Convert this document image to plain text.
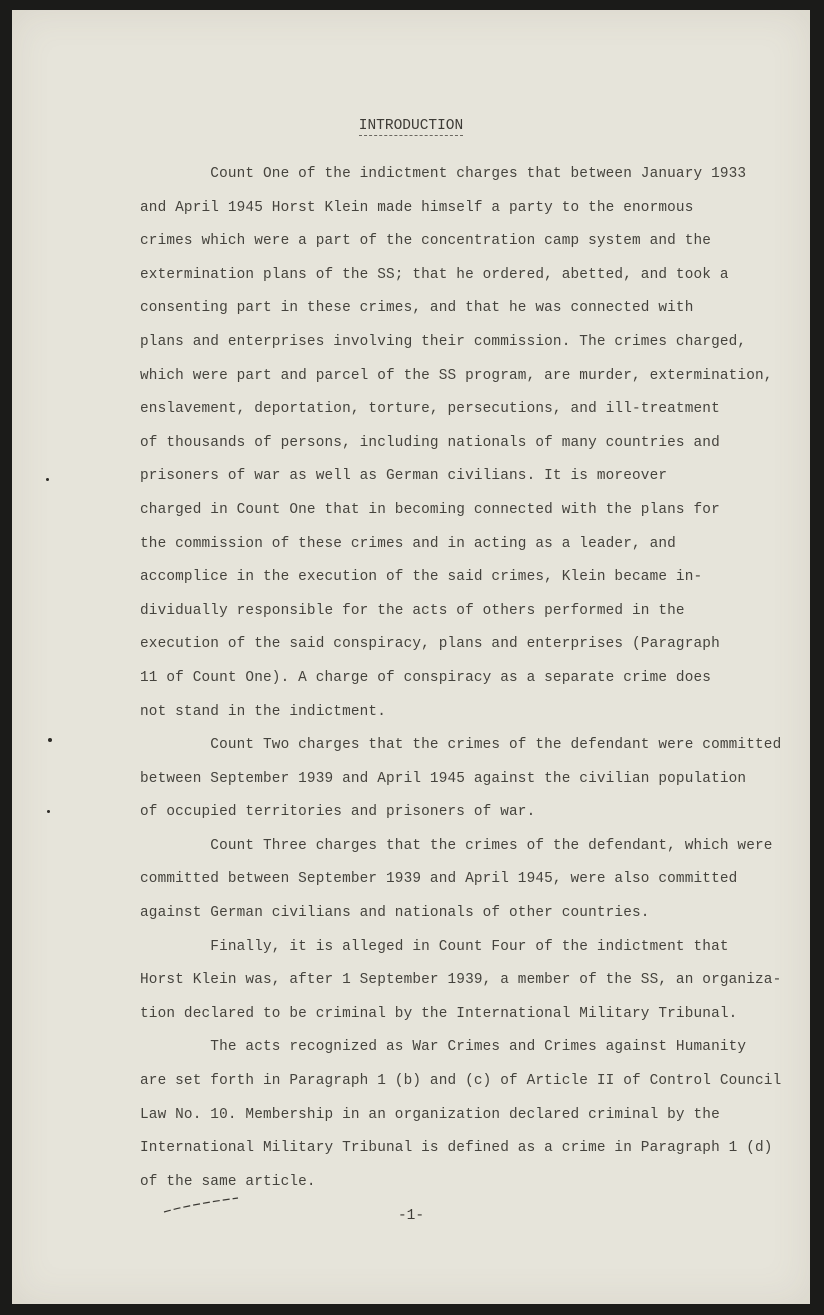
INTRODUCTION
Count One of the indictment charges that between January 1933
and April 1945 Horst Klein made himself a party to the enormous
crimes which were a part of the concentration camp system and the
extermination plans of the SS; that he ordered, abetted, and took a
consenting part in these crimes, and that he was connected with
plans and enterprises involving their commission. The crimes charged,
which were part and parcel of the SS program, are murder, extermination,
enslavement, deportation, torture, persecutions, and ill-treatment
of thousands of persons, including nationals of many countries and
prisoners of war as well as German civilians. It is moreover
charged in Count One that in becoming connected with the plans for
the commission of these crimes and in acting as a leader, and
accomplice in the execution of the said crimes, Klein became in-
dividually responsible for the acts of others performed in the
execution of the said conspiracy, plans and enterprises (Paragraph
11 of Count One). A charge of conspiracy as a separate crime does
not stand in the indictment.
Count Two charges that the crimes of the defendant were committed
between September 1939 and April 1945 against the civilian population
of occupied territories and prisoners of war.
Count Three charges that the crimes of the defendant, which were
committed between September 1939 and April 1945, were also committed
against German civilians and nationals of other countries.
Finally, it is alleged in Count Four of the indictment that
Horst Klein was, after 1 September 1939, a member of the SS, an organiza-
tion declared to be criminal by the International Military Tribunal.
The acts recognized as War Crimes and Crimes against Humanity
are set forth in Paragraph 1 (b) and (c) of Article II of Control Council
Law No. 10. Membership in an organization declared criminal by the
International Military Tribunal is defined as a crime in Paragraph 1 (d)
of the same article.
-1-
